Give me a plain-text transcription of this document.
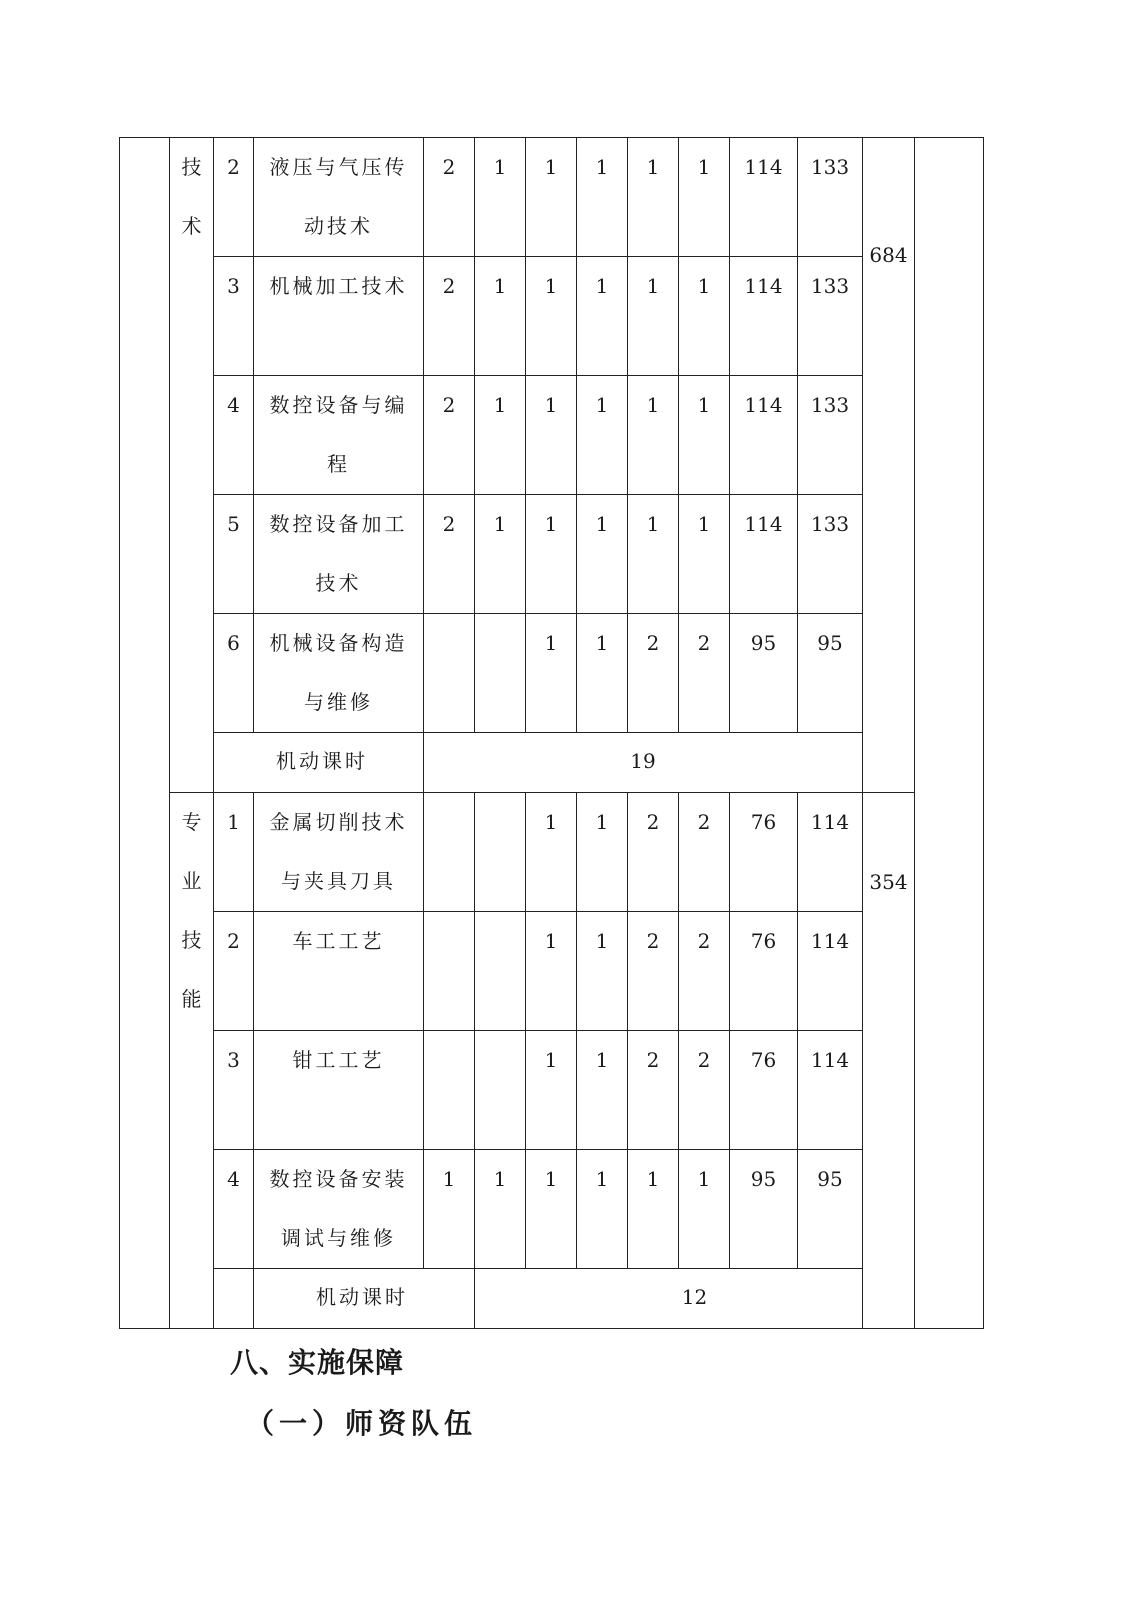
	技
术	2	液压与气压传动技术	2	1	1	1	1	1	114	133	684	

		3	机械加工技术	2	1	1	1	1	1	114	133		

		4	数控设备与编程	2	1	1	1	1	1	114	133		

		5	数控设备加工技术	2	1	1	1	1	1	114	133		

		6	机械设备构造与维修			1	1	2	2	95	95		

		机动课时		19									

	专
业
技
能	1	金属切削技术与夹具刀具			1	1	2	2	76	114	354	

		2	车工工艺			1	1	2	2	76	114		

		3	钳工工艺			1	1	2	2	76	114		

		4	数控设备安装调试与维修	1	1	1	1	1	1	95	95		

			机动课时		12								
八、实施保障
（一）师资队伍
